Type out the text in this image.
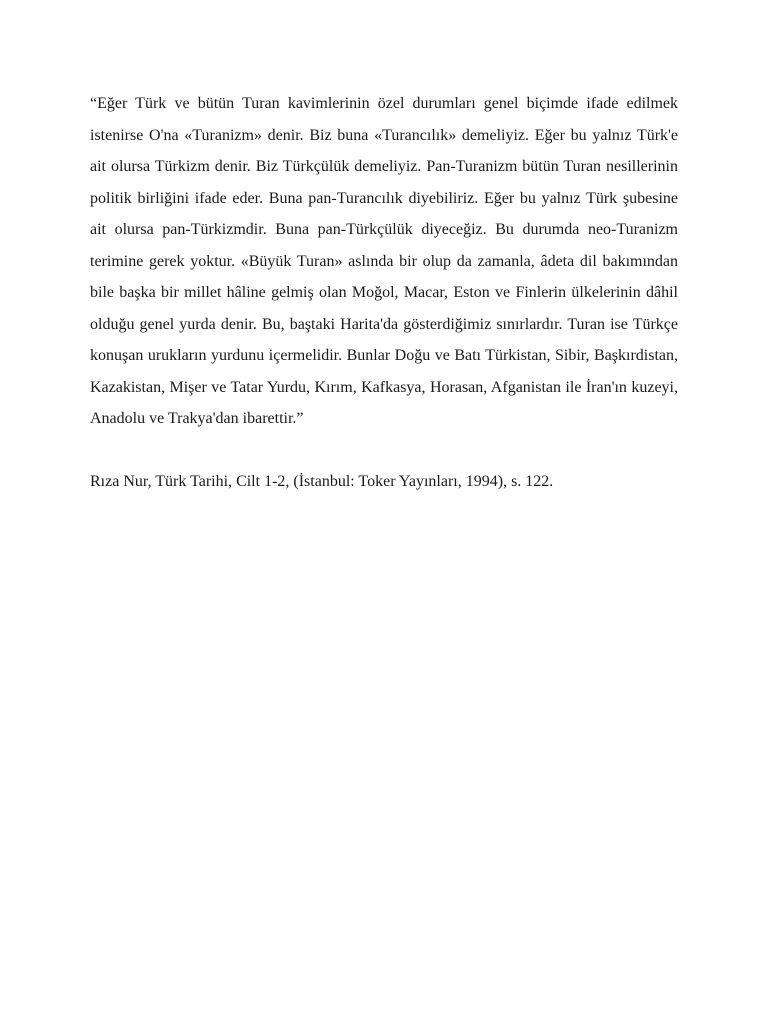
“Eğer Türk ve bütün Turan kavimlerinin özel durumları genel biçimde ifade edilmek istenirse O'na «Turanizm» denir. Biz buna «Turancılık» demeliyiz. Eğer bu yalnız Türk'e ait olursa Türkizm denir. Biz Türkçülük demeliyiz. Pan-Turanizm bütün Turan nesillerinin politik birliğini ifade eder. Buna pan-Turancılık diyebiliriz. Eğer bu yalnız Türk şubesine ait olursa pan-Türkizmdir. Buna pan-Türkçülük diyeceğiz. Bu durumda neo-Turanizm terimine gerek yoktur. «Büyük Turan» aslında bir olup da zamanla, âdeta dil bakımından bile başka bir millet hâline gelmiş olan Moğol, Macar, Eston ve Finlerin ülkelerinin dâhil olduğu genel yurda denir. Bu, baştaki Harita'da gösterdiğimiz sınırlardır. Turan ise Türkçe konuşan urukların yurdunu içermelidir. Bunlar Doğu ve Batı Türkistan, Sibir, Başkırdistan, Kazakistan, Mişer ve Tatar Yurdu, Kırım, Kafkasya, Horasan, Afganistan ile İran'ın kuzeyi, Anadolu ve Trakya'dan ibarettir.”

Rıza Nur, Türk Tarihi, Cilt 1-2, (İstanbul: Toker Yayınları, 1994), s. 122.
